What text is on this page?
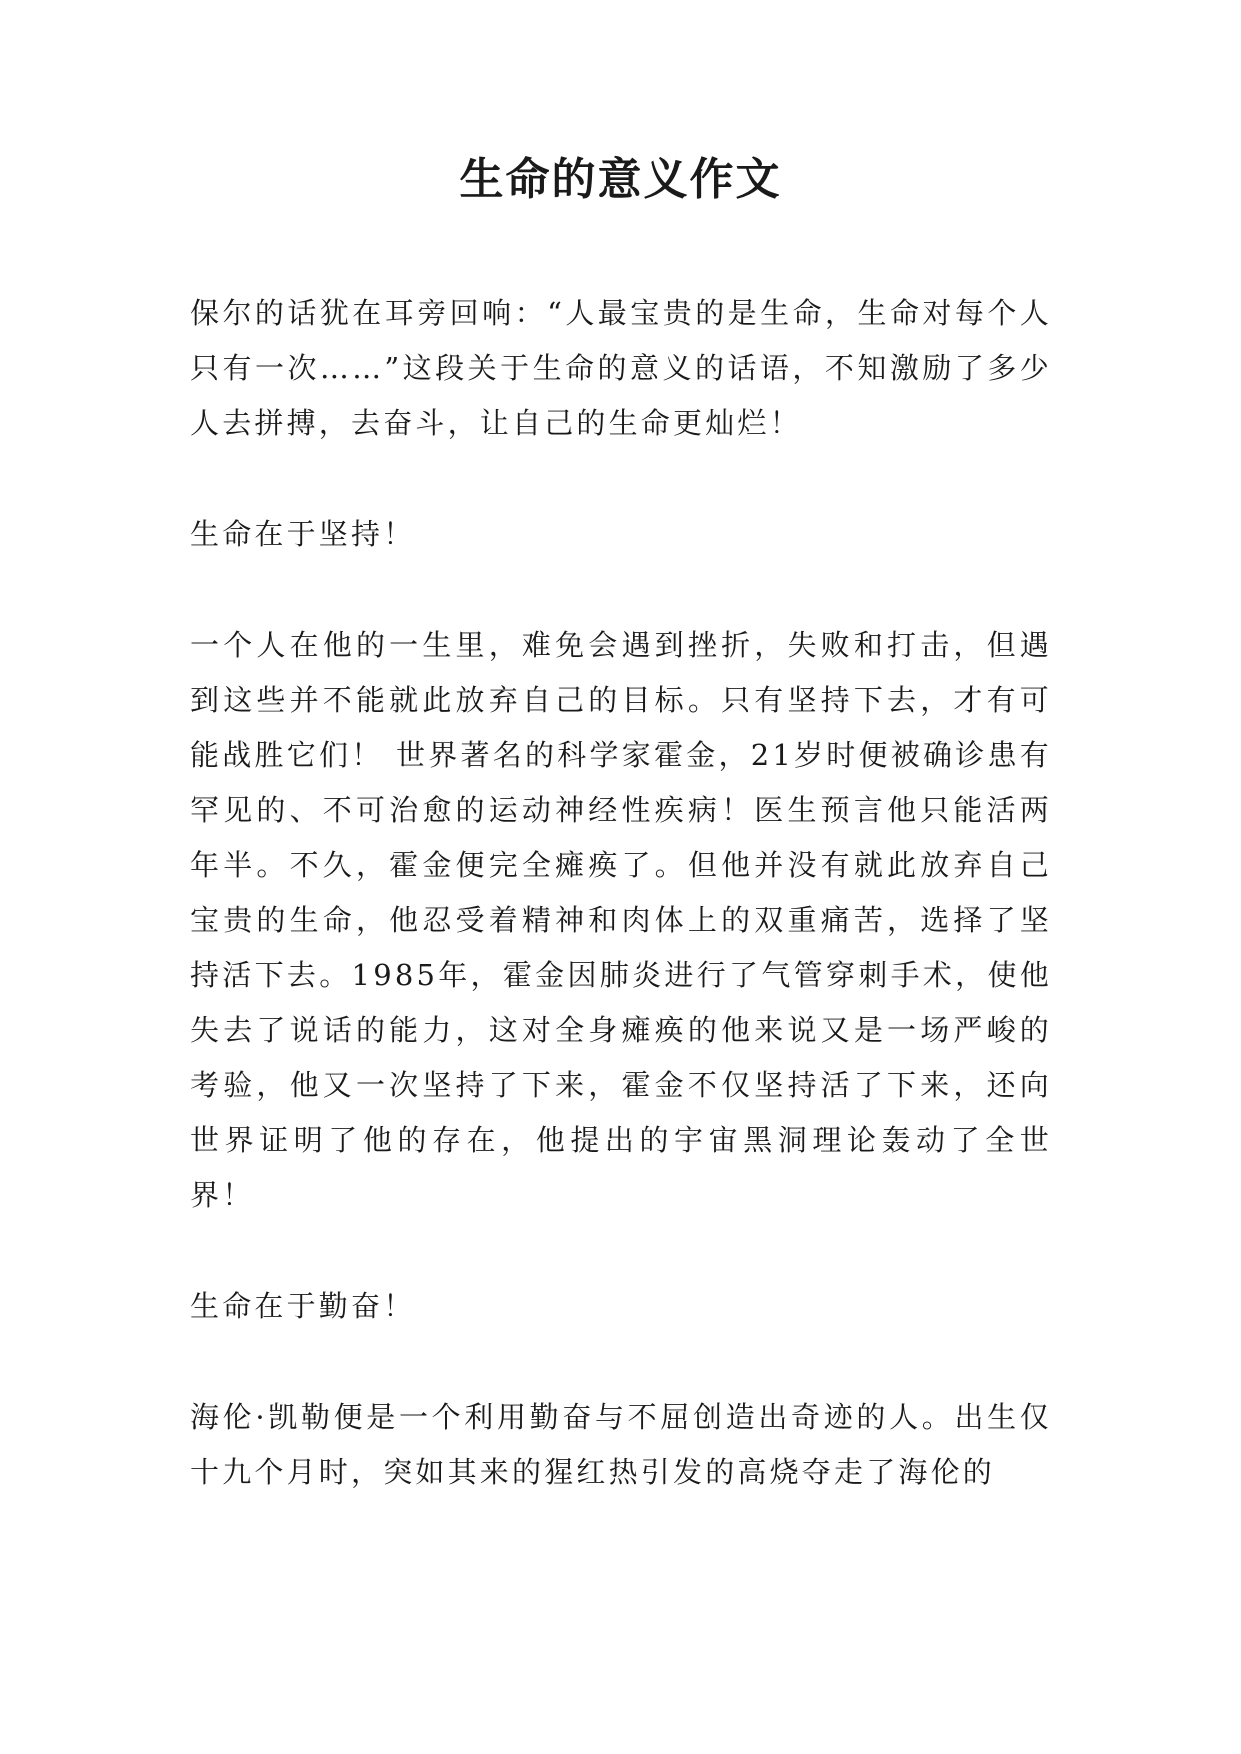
生命的意义作文

保尔的话犹在耳旁回响：“人最宝贵的是生命，生命对每个人只有一次……”这段关于生命的意义的话语，不知激励了多少人去拼搏，去奋斗，让自己的生命更灿烂！

生命在于坚持！

一个人在他的一生里，难免会遇到挫折，失败和打击，但遇到这些并不能就此放弃自己的目标。只有坚持下去，才有可能战胜它们！ 世界著名的科学家霍金，21岁时便被确诊患有罕见的、不可治愈的运动神经性疾病！医生预言他只能活两年半。不久，霍金便完全瘫痪了。但他并没有就此放弃自己宝贵的生命，他忍受着精神和肉体上的双重痛苦，选择了坚持活下去。1985年，霍金因肺炎进行了气管穿刺手术，使他失去了说话的能力，这对全身瘫痪的他来说又是一场严峻的考验，他又一次坚持了下来，霍金不仅坚持活了下来，还向世界证明了他的存在，他提出的宇宙黑洞理论轰动了全世界！

生命在于勤奋！

海伦·凯勒便是一个利用勤奋与不屈创造出奇迹的人。出生仅十九个月时，突如其来的猩红热引发的高烧夺走了海伦的
